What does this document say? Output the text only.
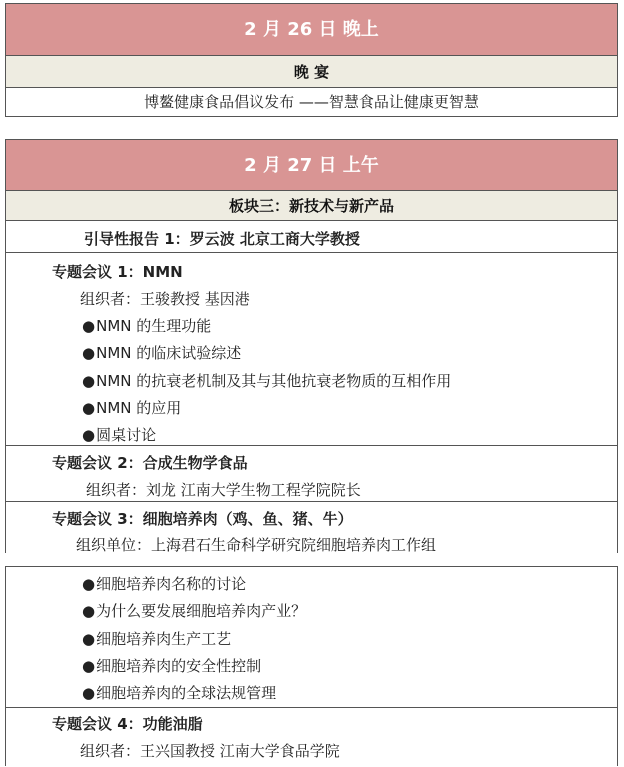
2 月 26 日 晚上
晚 宴
博鳌健康食品倡议发布 ——智慧食品让健康更智慧
2 月 27 日 上午
板块三：新技术与新产品
引导性报告 1：罗云波 北京工商大学教授
专题会议 1：NMN
组织者：王骏教授 基因港
● NMN 的生理功能
● NMN 的临床试验综述
● NMN 的抗衰老机制及其与其他抗衰老物质的互相作用
● NMN 的应用
● 圆桌讨论
专题会议 2：合成生物学食品
组织者：刘龙 江南大学生物工程学院院长
专题会议 3：细胞培养肉（鸡、鱼、猪、牛）
组织单位：上海君石生命科学研究院细胞培养肉工作组
● 细胞培养肉名称的讨论
● 为什么要发展细胞培养肉产业？
● 细胞培养肉生产工艺
● 细胞培养肉的安全性控制
● 细胞培养肉的全球法规管理
专题会议 4：功能油脂
组织者：王兴国教授 江南大学食品学院
